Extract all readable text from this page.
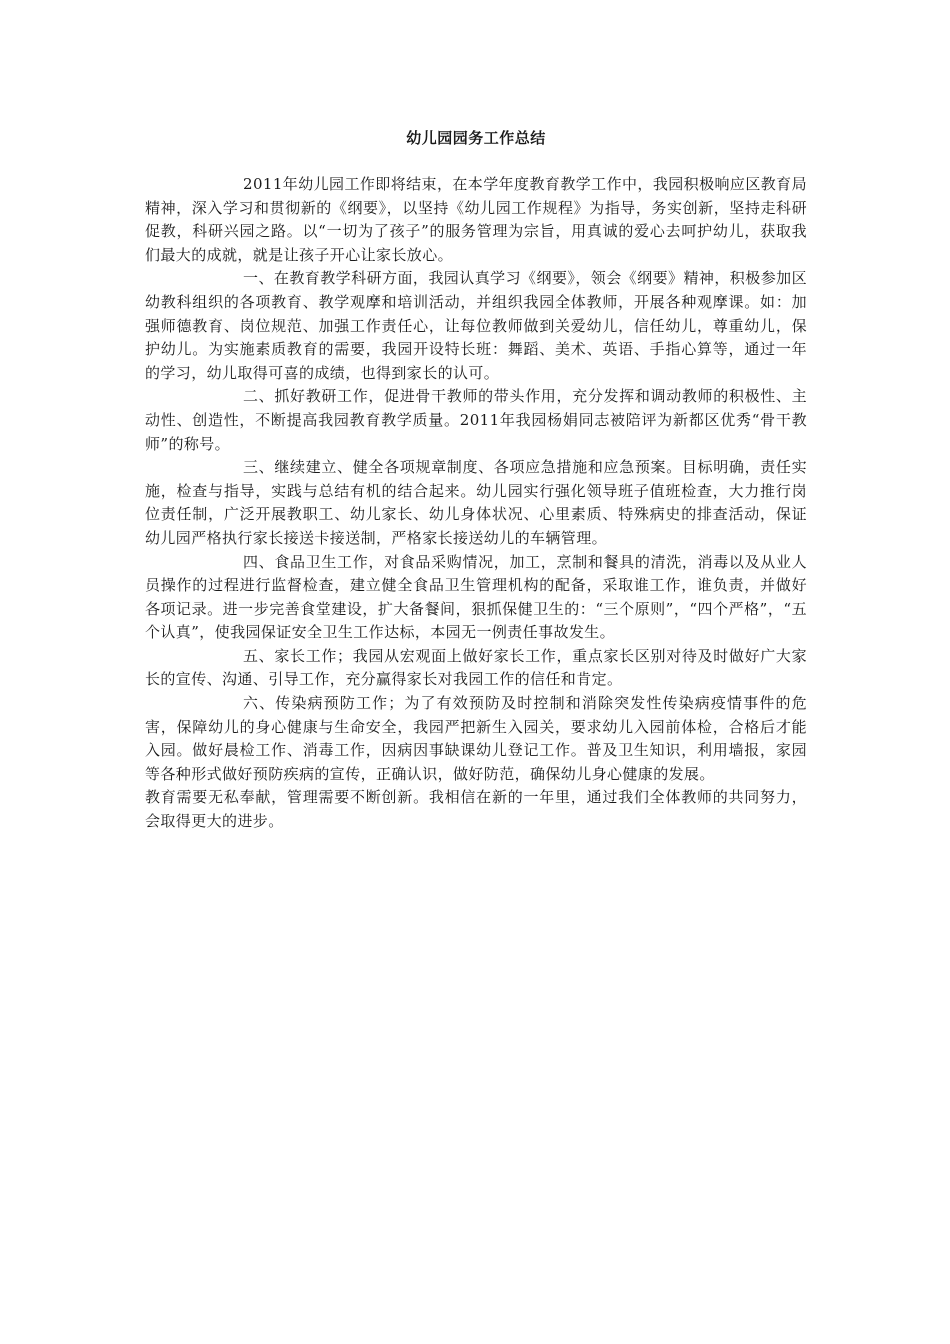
幼儿园园务工作总结

2011年幼儿园工作即将结束，在本学年度教育教学工作中，我园积极响应区教育局精神，深入学习和贯彻新的《纲要》，以坚持《幼儿园工作规程》为指导，务实创新，坚持走科研促教，科研兴园之路。以“一切为了孩子”的服务管理为宗旨，用真诚的爱心去呵护幼儿，获取我们最大的成就，就是让孩子开心让家长放心。

一、在教育教学科研方面，我园认真学习《纲要》，领会《纲要》精神，积极参加区幼教科组织的各项教育、教学观摩和培训活动，并组织我园全体教师，开展各种观摩课。如：加强师德教育、岗位规范、加强工作责任心，让每位教师做到关爱幼儿，信任幼儿，尊重幼儿，保护幼儿。为实施素质教育的需要，我园开设特长班：舞蹈、美术、英语、手指心算等，通过一年的学习，幼儿取得可喜的成绩，也得到家长的认可。

二、抓好教研工作，促进骨干教师的带头作用，充分发挥和调动教师的积极性、主动性、创造性，不断提高我园教育教学质量。2011年我园杨娟同志被陪评为新都区优秀“骨干教师”的称号。

三、继续建立、健全各项规章制度、各项应急措施和应急预案。目标明确，责任实施，检查与指导，实践与总结有机的结合起来。幼儿园实行强化领导班子值班检查，大力推行岗位责任制，广泛开展教职工、幼儿家长、幼儿身体状况、心里素质、特殊病史的排查活动，保证幼儿园严格执行家长接送卡接送制，严格家长接送幼儿的车辆管理。

四、食品卫生工作，对食品采购情况，加工，烹制和餐具的清洗，消毒以及从业人员操作的过程进行监督检查，建立健全食品卫生管理机构的配备，采取谁工作，谁负责，并做好各项记录。进一步完善食堂建设，扩大备餐间，狠抓保健卫生的：“三个原则”，“四个严格”，“五个认真”，使我园保证安全卫生工作达标，本园无一例责任事故发生。

五、家长工作；我园从宏观面上做好家长工作，重点家长区别对待及时做好广大家长的宣传、沟通、引导工作，充分赢得家长对我园工作的信任和肯定。

六、传染病预防工作；为了有效预防及时控制和消除突发性传染病疫情事件的危害，保障幼儿的身心健康与生命安全，我园严把新生入园关，要求幼儿入园前体检，合格后才能入园。做好晨检工作、消毒工作，因病因事缺课幼儿登记工作。普及卫生知识，利用墙报，家园等各种形式做好预防疾病的宣传，正确认识，做好防范，确保幼儿身心健康的发展。

教育需要无私奉献，管理需要不断创新。我相信在新的一年里，通过我们全体教师的共同努力，会取得更大的进步。
